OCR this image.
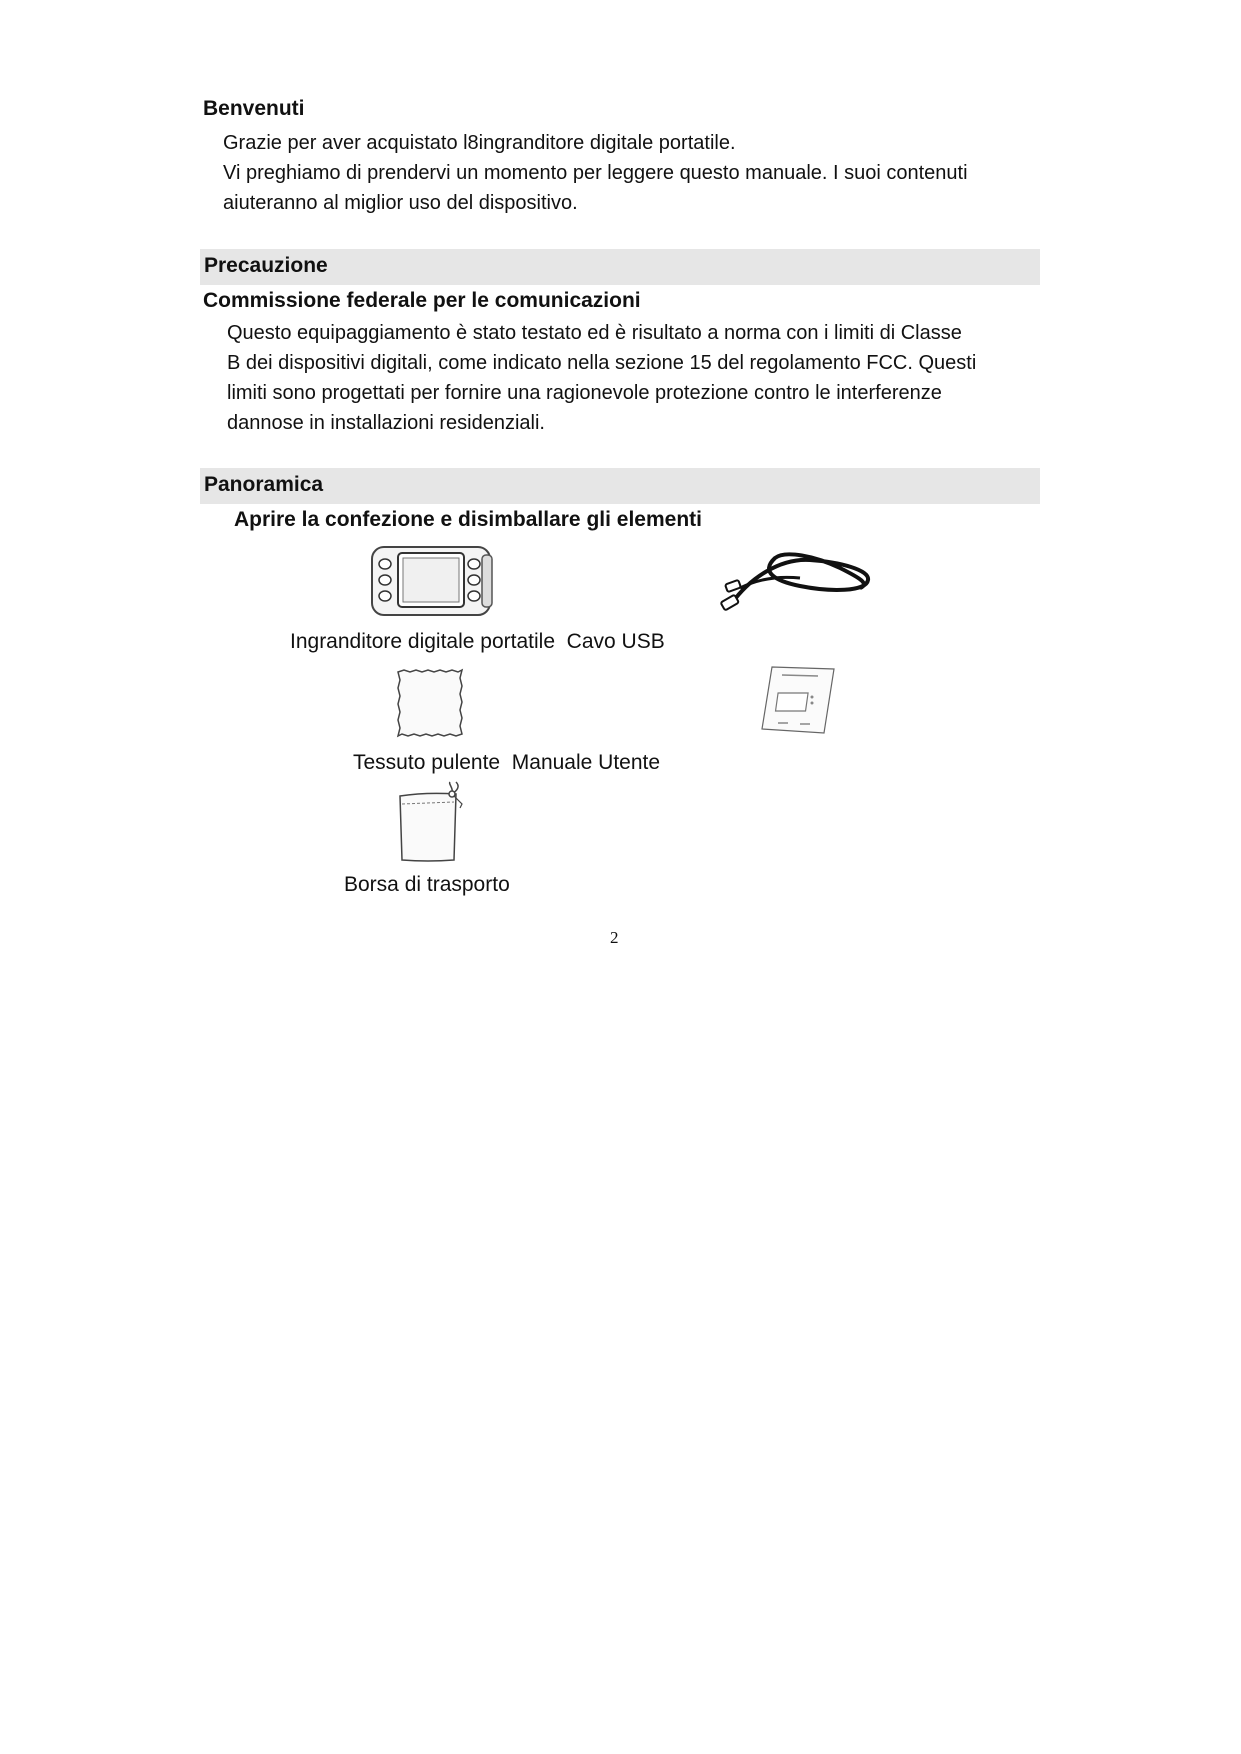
Benvenuti
Grazie per aver acquistato l8ingranditore digitale portatile.
Vi preghiamo di prendervi un momento per leggere questo manuale. I suoi contenuti
aiuteranno al miglior uso del dispositivo.
Precauzione
Commissione federale per le comunicazioni
Questo equipaggiamento è stato testato ed è risultato a norma con i limiti di Classe
B dei dispositivi digitali, come indicato nella sezione 15 del regolamento FCC. Questi
limiti sono progettati per fornire una ragionevole protezione contro le interferenze
dannose in installazioni residenziali.
Panoramica
Aprire la confezione e disimballare gli elementi
Ingranditore digitale portatile  Cavo USB
Tessuto pulente  Manuale Utente
Borsa di trasporto
2
